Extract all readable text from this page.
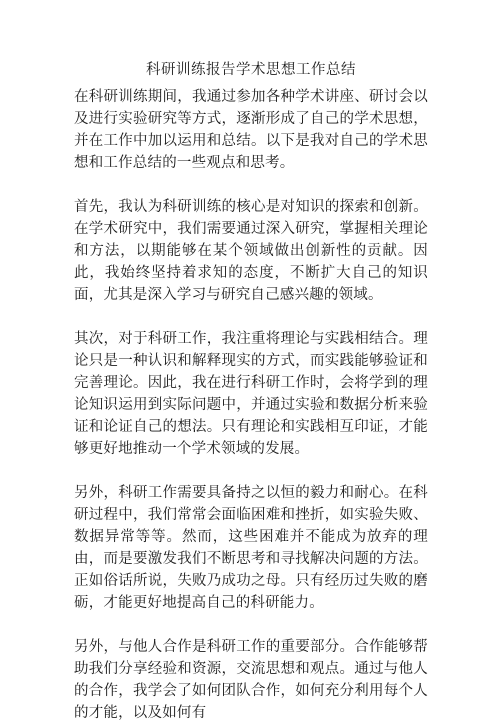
科研训练报告学术思想工作总结

在科研训练期间，我通过参加各种学术讲座、研讨会以及进行实验研究等方式，逐渐形成了自己的学术思想，并在工作中加以运用和总结。以下是我对自己的学术思想和工作总结的一些观点和思考。

首先，我认为科研训练的核心是对知识的探索和创新。在学术研究中，我们需要通过深入研究，掌握相关理论和方法，以期能够在某个领域做出创新性的贡献。因此，我始终坚持着求知的态度，不断扩大自己的知识面，尤其是深入学习与研究自己感兴趣的领域。

其次，对于科研工作，我注重将理论与实践相结合。理论只是一种认识和解释现实的方式，而实践能够验证和完善理论。因此，我在进行科研工作时，会将学到的理论知识运用到实际问题中，并通过实验和数据分析来验证和论证自己的想法。只有理论和实践相互印证，才能够更好地推动一个学术领域的发展。

另外，科研工作需要具备持之以恒的毅力和耐心。在科研过程中，我们常常会面临困难和挫折，如实验失败、数据异常等等。然而，这些困难并不能成为放弃的理由，而是要激发我们不断思考和寻找解决问题的方法。正如俗话所说，失败乃成功之母。只有经历过失败的磨砺，才能更好地提高自己的科研能力。

另外，与他人合作是科研工作的重要部分。合作能够帮助我们分享经验和资源，交流思想和观点。通过与他人的合作，我学会了如何团队合作，如何充分利用每个人的才能，以及如何有
